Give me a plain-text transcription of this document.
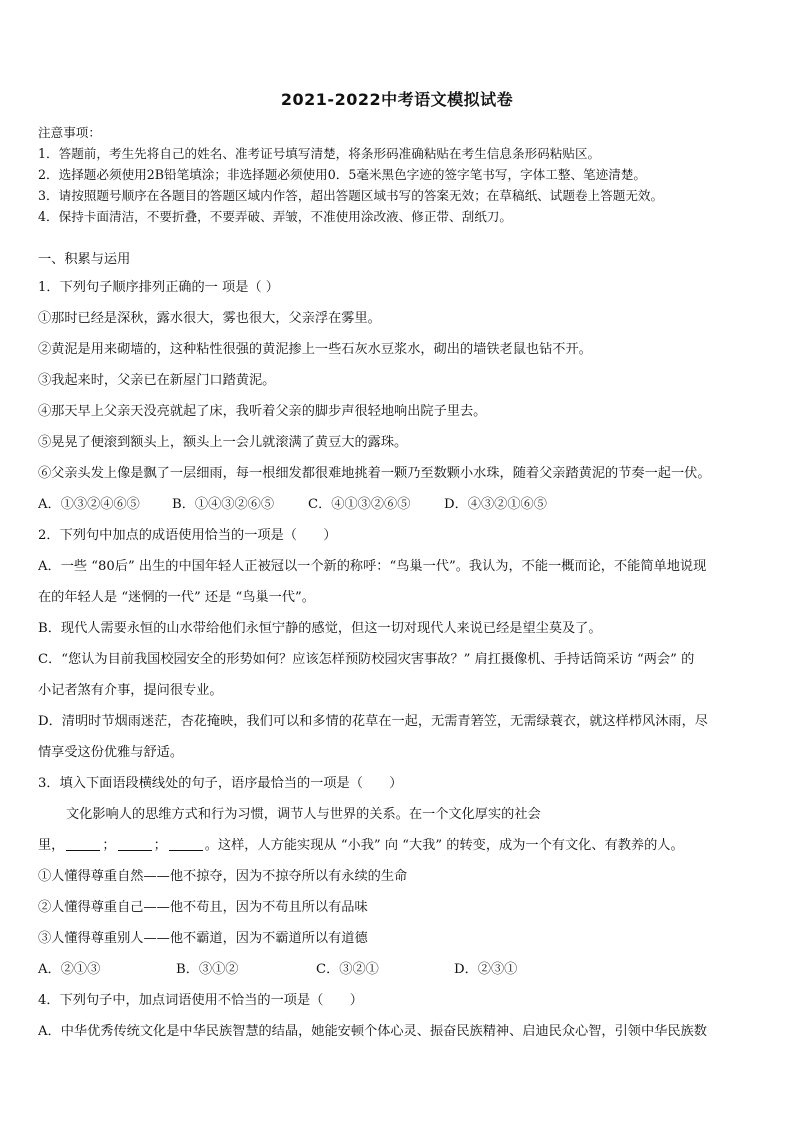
2021-2022中考语文模拟试卷
注意事项：
1．答题前，考生先将自己的姓名、准考证号填写清楚，将条形码准确粘贴在考生信息条形码粘贴区。
2．选择题必须使用2B铅笔填涂；非选择题必须使用0．5毫米黑色字迹的签字笔书写，字体工整、笔迹清楚。
3．请按照题号顺序在各题目的答题区域内作答，超出答题区域书写的答案无效；在草稿纸、试题卷上答题无效。
4．保持卡面清洁，不要折叠，不要弄破、弄皱，不准使用涂改液、修正带、刮纸刀。
一、积累与运用
1．下列句子顺序排列正确的一 项是（ ）
①那时已经是深秋，露水很大，雾也很大，父亲浮在雾里。
②黄泥是用来砌墙的，这种粘性很强的黄泥掺上一些石灰水豆浆水，砌出的墙铁老鼠也钻不开。
③我起来时，父亲已在新屋门口踏黄泥。
④那天早上父亲天没亮就起了床，我听着父亲的脚步声很轻地响出院子里去。
⑤晃晃了便滚到额头上，额头上一会儿就滚满了黄豆大的露珠。
⑥父亲头发上像是飘了一层细雨，每一根细发都很难地挑着一颗乃至数颗小水珠，随着父亲踏黄泥的节奏一起一伏。
A．①③②④⑥⑤ B．①④③②⑥⑤	C．④①③②⑥⑤	D．④③②①⑥⑤
2．下列句中加点的成语使用恰当的一项是（　　）
A．一些 “80后” 出生的中国年轻人正被冠以一个新的称呼：“鸟巢一代”。我认为，不能一概而论，不能简单地说现
在的年轻人是 “迷惘的一代” 还是 “鸟巢一代”。
B．现代人需要永恒的山水带给他们永恒宁静的感觉，但这一切对现代人来说已经是望尘莫及了。
C．“您认为目前我国校园安全的形势如何？应该怎样预防校园灾害事故？” 肩扛摄像机、手持话筒采访 “两会” 的
小记者煞有介事，提问很专业。
D．清明时节烟雨迷茫，杏花掩映，我们可以和多情的花草在一起，无需青箬笠，无需绿蓑衣，就这样栉风沐雨，尽
情享受这份优雅与舒适。
3．填入下面语段横线处的句子，语序最恰当的一项是（　　）
文化影响人的思维方式和行为习惯，调节人与世界的关系。在一个文化厚实的社会
里，	；	；	。这样，人方能实现从 “小我” 向 “大我” 的转变，成为一个有文化、有教养的人。
①人懂得尊重自然——他不掠夺，因为不掠夺所以有永续的生命
②人懂得尊重自己——他不苟且，因为不苟且所以有品味
③人懂得尊重别人——他不霸道，因为不霸道所以有道德
A．②①③	B．③①②	C．③②①	D．②③①
4．下列句子中，加点词语使用不恰当的一项是（　　）
A．中华优秀传统文化是中华民族智慧的结晶，她能安顿个体心灵、振奋民族精神、启迪民众心智，引领中华民族数
